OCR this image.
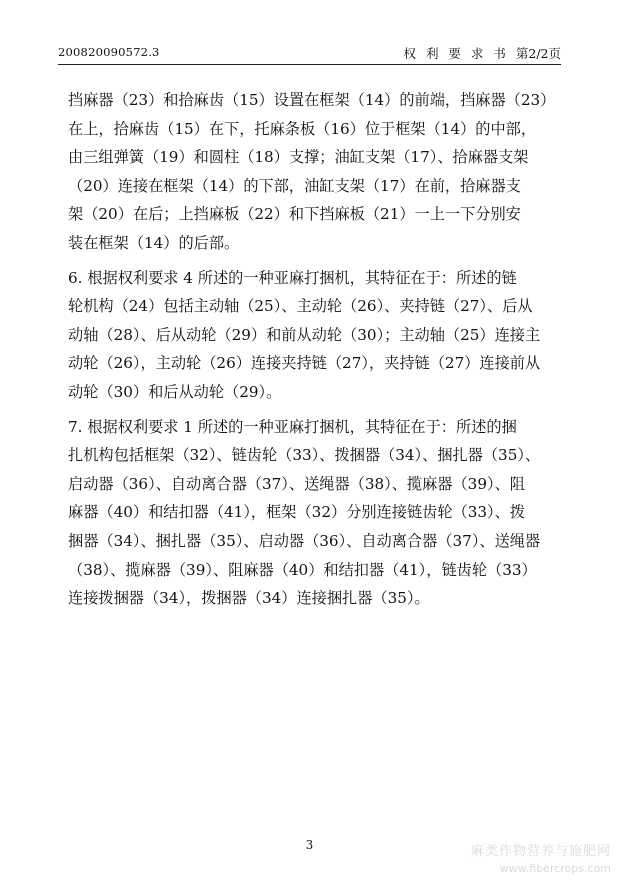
200820090572.3	权 利 要 求 书 第2/2页
挡麻器（23）和拾麻齿（15）设置在框架（14）的前端，挡麻器（23）
在上，拾麻齿（15）在下，托麻条板（16）位于框架（14）的中部，
由三组弹簧（19）和圆柱（18）支撑；油缸支架（17）、拾麻器支架
（20）连接在框架（14）的下部，油缸支架（17）在前，拾麻器支
架（20）在后；上挡麻板（22）和下挡麻板（21）一上一下分别安
装在框架（14）的后部。
6. 根据权利要求 4 所述的一种亚麻打捆机，其特征在于：所述的链
轮机构（24）包括主动轴（25）、主动轮（26）、夹持链（27）、后从
动轴（28）、后从动轮（29）和前从动轮（30）；主动轴（25）连接主
动轮（26），主动轮（26）连接夹持链（27），夹持链（27）连接前从
动轮（30）和后从动轮（29）。
7. 根据权利要求 1 所述的一种亚麻打捆机，其特征在于：所述的捆
扎机构包括框架（32）、链齿轮（33）、拨捆器（34）、捆扎器（35）、
启动器（36）、自动离合器（37）、送绳器（38）、揽麻器（39）、阻
麻器（40）和结扣器（41），框架（32）分别连接链齿轮（33）、拨
捆器（34）、捆扎器（35）、启动器（36）、自动离合器（37）、送绳器
（38）、揽麻器（39）、阻麻器（40）和结扣器（41），链齿轮（33）
连接拨捆器（34），拨捆器（34）连接捆扎器（35）。
3	麻类作物营养与施肥网
www.fibercrops.com
